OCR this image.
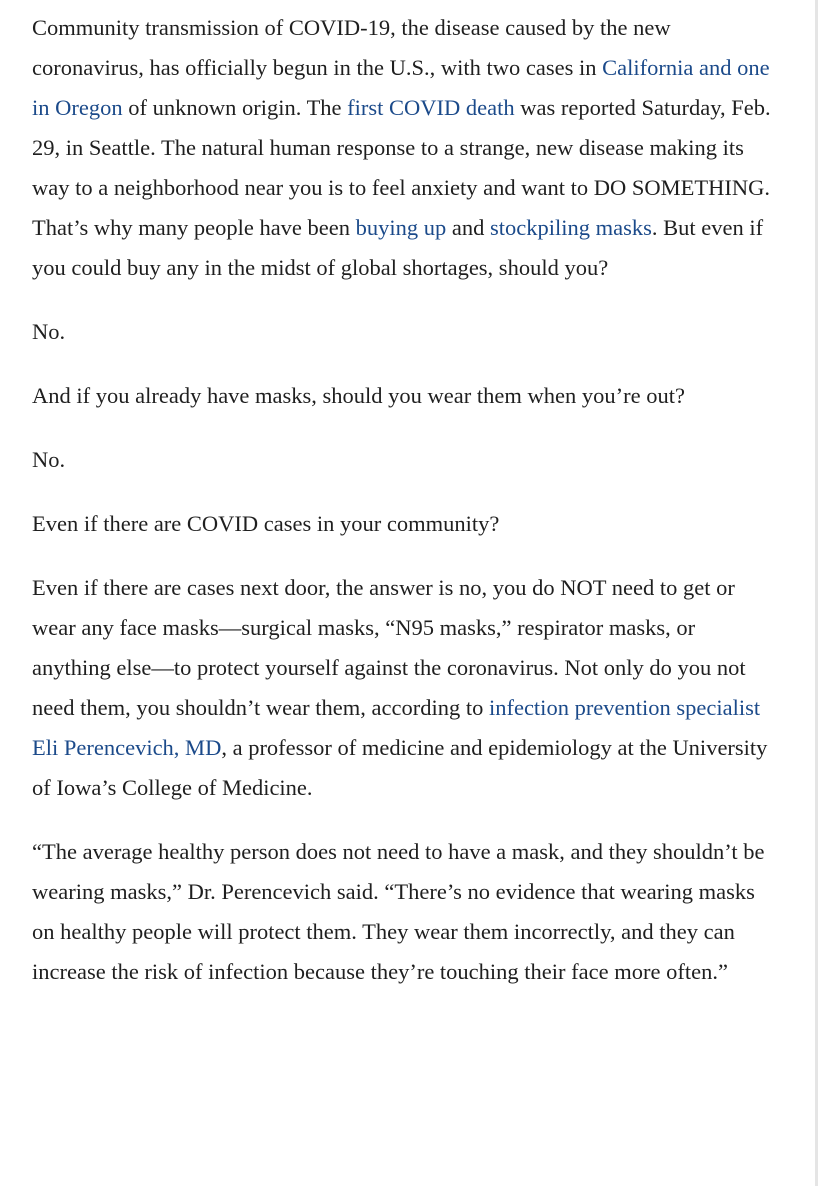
Community transmission of COVID-19, the disease caused by the new coronavirus, has officially begun in the U.S., with two cases in California and one in Oregon of unknown origin. The first COVID death was reported Saturday, Feb. 29, in Seattle. The natural human response to a strange, new disease making its way to a neighborhood near you is to feel anxiety and want to DO SOMETHING. That’s why many people have been buying up and stockpiling masks. But even if you could buy any in the midst of global shortages, should you?

No.

And if you already have masks, should you wear them when you’re out?

No.

Even if there are COVID cases in your community?

Even if there are cases next door, the answer is no, you do NOT need to get or wear any face masks—surgical masks, “N95 masks,” respirator masks, or anything else—to protect yourself against the coronavirus. Not only do you not need them, you shouldn’t wear them, according to infection prevention specialist Eli Perencevich, MD, a professor of medicine and epidemiology at the University of Iowa’s College of Medicine.

“The average healthy person does not need to have a mask, and they shouldn’t be wearing masks,” Dr. Perencevich said. “There’s no evidence that wearing masks on healthy people will protect them. They wear them incorrectly, and they can increase the risk of infection because they’re touching their face more often.”
